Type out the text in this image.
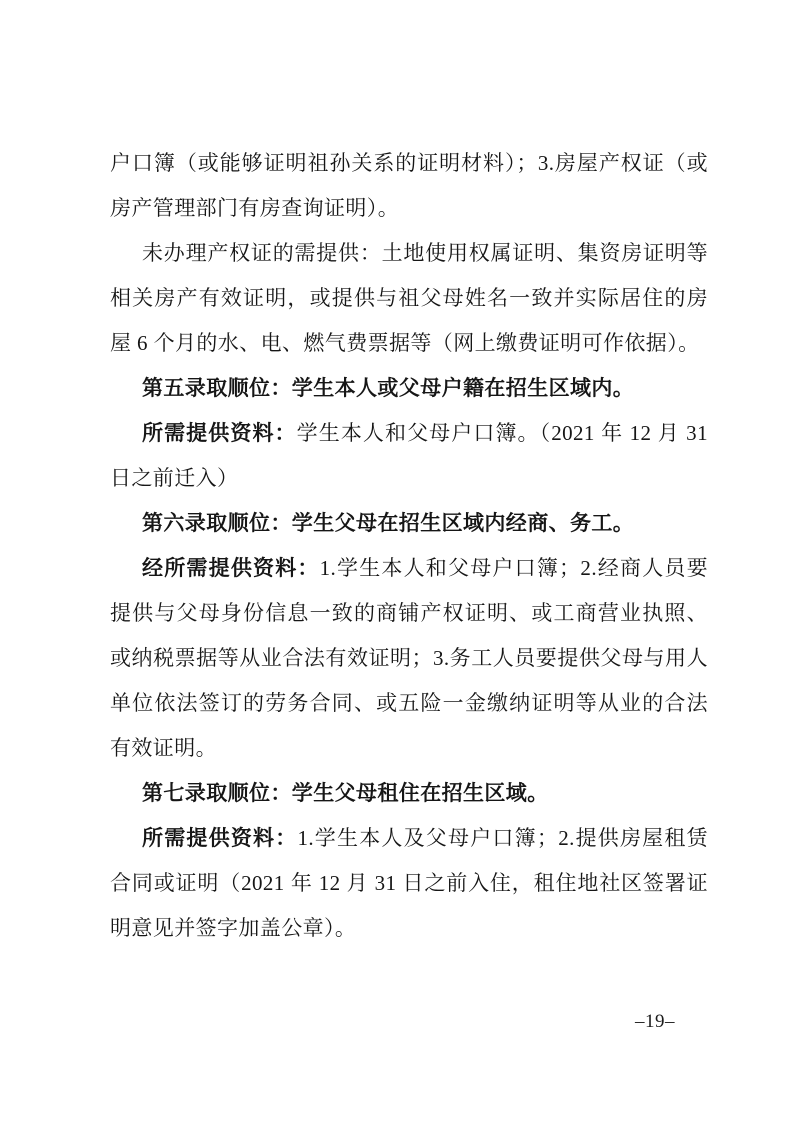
户口簿（或能够证明祖孙关系的证明材料）；3.房屋产权证（或房产管理部门有房查询证明）。

未办理产权证的需提供：土地使用权属证明、集资房证明等相关房产有效证明，或提供与祖父母姓名一致并实际居住的房屋 6 个月的水、电、燃气费票据等（网上缴费证明可作依据）。

第五录取顺位：学生本人或父母户籍在招生区域内。

所需提供资料：学生本人和父母户口簿。（2021 年 12 月 31 日之前迁入）

第六录取顺位：学生父母在招生区域内经商、务工。

经所需提供资料：1.学生本人和父母户口簿；2.经商人员要提供与父母身份信息一致的商铺产权证明、或工商营业执照、或纳税票据等从业合法有效证明；3.务工人员要提供父母与用人单位依法签订的劳务合同、或五险一金缴纳证明等从业的合法有效证明。

第七录取顺位：学生父母租住在招生区域。

所需提供资料：1.学生本人及父母户口簿；2.提供房屋租赁合同或证明（2021 年 12 月 31 日之前入住，租住地社区签署证明意见并签字加盖公章）。

–19–
